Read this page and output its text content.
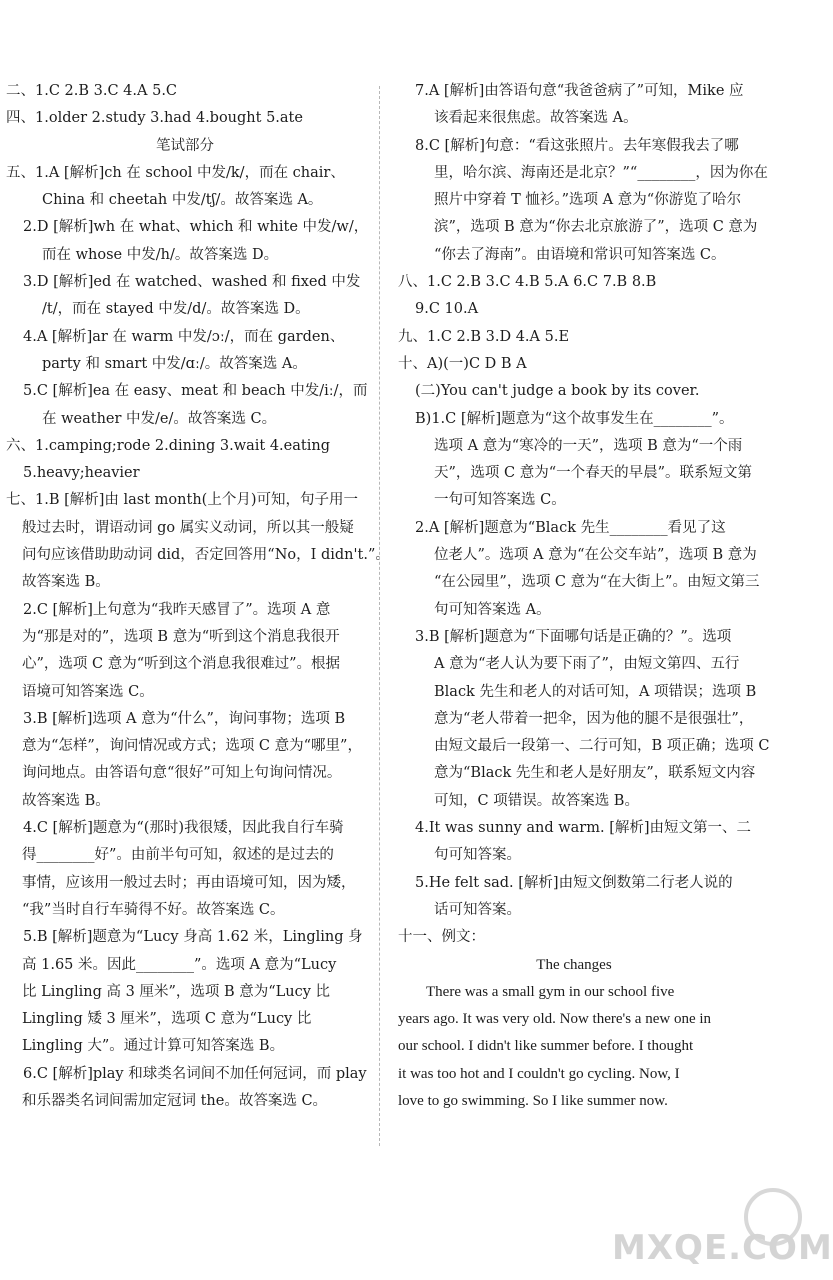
二、1.C 2.B 3.C 4.A 5.C
四、1.older 2.study 3.had 4.bought 5.ate
笔试部分
五、1.A [解析]ch 在 school 中发/k/，而在 chair、
China 和 cheetah 中发/tʃ/。故答案选 A。
2.D [解析]wh 在 what、which 和 white 中发/w/，
而在 whose 中发/h/。故答案选 D。
3.D [解析]ed 在 watched、washed 和 fixed 中发
/t/，而在 stayed 中发/d/。故答案选 D。
4.A [解析]ar 在 warm 中发/ɔː/，而在 garden、
party 和 smart 中发/ɑː/。故答案选 A。
5.C [解析]ea 在 easy、meat 和 beach 中发/iː/，而
在 weather 中发/e/。故答案选 C。
六、1.camping;rode 2.dining 3.wait 4.eating
5.heavy;heavier
七、1.B [解析]由 last month(上个月)可知，句子用一
般过去时，谓语动词 go 属实义动词，所以其一般疑
问句应该借助助动词 did，否定回答用“No，I didn't.”。
故答案选 B。
2.C [解析]上句意为“我昨天感冒了”。选项 A 意
为“那是对的”，选项 B 意为“听到这个消息我很开
心”，选项 C 意为“听到这个消息我很难过”。根据
语境可知答案选 C。
3.B [解析]选项 A 意为“什么”，询问事物；选项 B
意为“怎样”，询问情况或方式；选项 C 意为“哪里”，
询问地点。由答语句意“很好”可知上句询问情况。
故答案选 B。
4.C [解析]题意为“(那时)我很矮，因此我自行车骑
得________好”。由前半句可知，叙述的是过去的
事情，应该用一般过去时；再由语境可知，因为矮，
“我”当时自行车骑得不好。故答案选 C。
5.B [解析]题意为“Lucy 身高 1.62 米，Lingling 身
高 1.65 米。因此________”。选项 A 意为“Lucy
比 Lingling 高 3 厘米”，选项 B 意为“Lucy 比
Lingling 矮 3 厘米”，选项 C 意为“Lucy 比
Lingling 大”。通过计算可知答案选 B。
6.C [解析]play 和球类名词间不加任何冠词，而 play
和乐器类名词间需加定冠词 the。故答案选 C。
7.A [解析]由答语句意“我爸爸病了”可知，Mike 应
该看起来很焦虑。故答案选 A。
8.C [解析]句意：“看这张照片。去年寒假我去了哪
里，哈尔滨、海南还是北京？”“________，因为你在
照片中穿着 T 恤衫。”选项 A 意为“你游览了哈尔
滨”，选项 B 意为“你去北京旅游了”，选项 C 意为
“你去了海南”。由语境和常识可知答案选 C。
八、1.C 2.B 3.C 4.B 5.A 6.C 7.B 8.B
9.C 10.A
九、1.C 2.B 3.D 4.A 5.E
十、A)(一)C D B A
(二)You can't judge a book by its cover.
B)1.C [解析]题意为“这个故事发生在________”。
选项 A 意为“寒冷的一天”，选项 B 意为“一个雨
天”，选项 C 意为“一个春天的早晨”。联系短文第
一句可知答案选 C。
2.A [解析]题意为“Black 先生________看见了这
位老人”。选项 A 意为“在公交车站”，选项 B 意为
“在公园里”，选项 C 意为“在大街上”。由短文第三
句可知答案选 A。
3.B [解析]题意为“下面哪句话是正确的？”。选项
A 意为“老人认为要下雨了”，由短文第四、五行
Black 先生和老人的对话可知，A 项错误；选项 B
意为“老人带着一把伞，因为他的腿不是很强壮”，
由短文最后一段第一、二行可知，B 项正确；选项 C
意为“Black 先生和老人是好朋友”，联系短文内容
可知，C 项错误。故答案选 B。
4.It was sunny and warm. [解析]由短文第一、二
句可知答案。
5.He felt sad. [解析]由短文倒数第二行老人说的
话可知答案。
十一、例文：
The changes
There was a small gym in our school five
years ago. It was very old. Now there's a new one in
our school. I didn't like summer before. I thought
it was too hot and I couldn't go cycling. Now, I
love to go swimming. So I like summer now.
MXQE.COM
